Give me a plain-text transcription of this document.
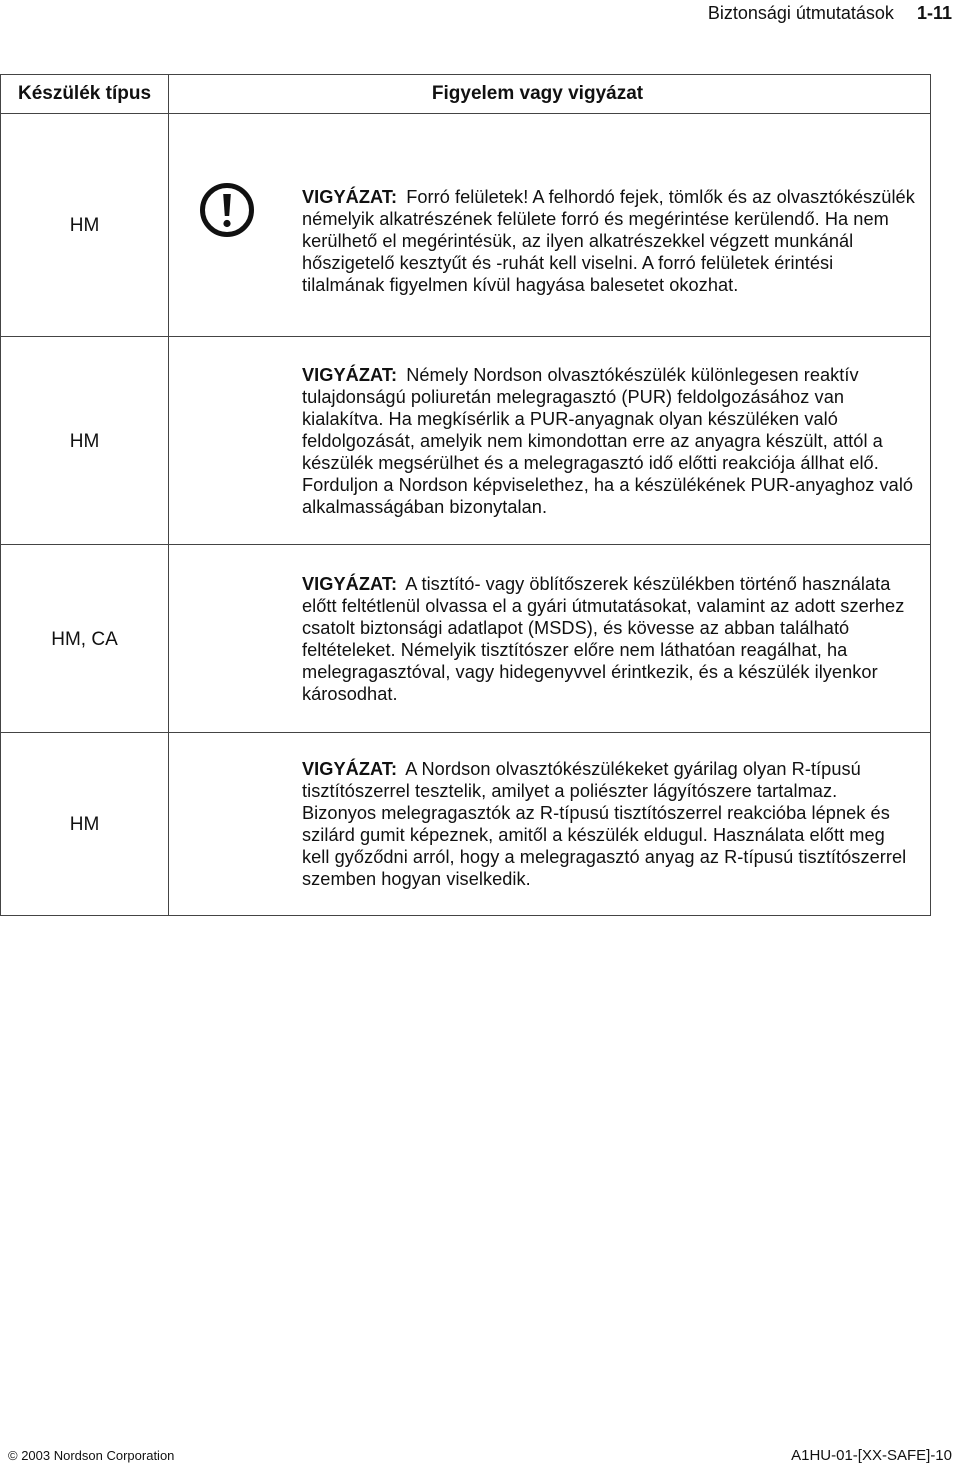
Biztonsági útmutatások 1-11
Készülék típus	Figyelem vagy vigyázat
HM	VIGYÁZAT: Forró felületek! A felhordó fejek, tömlők és az olvasztókészülék némelyik alkatrészének felülete forró és megérintése kerülendő. Ha nem kerülhető el megérintésük, az ilyen alkatrészekkel végzett munkánál hőszigetelő kesztyűt és -ruhát kell viselni. A forró felületek érintési tilalmának figyelmen kívül hagyása balesetet okozhat.

HM	VIGYÁZAT: Némely Nordson olvasztókészülék különlegesen reaktív tulajdonságú poliuretán melegragasztó (PUR) feldolgozásához van kialakítva. Ha megkísérlik a PUR-anyagnak olyan készüléken való feldolgozását, amelyik nem kimondottan erre az anyagra készült, attól a készülék megsérülhet és a melegragasztó idő előtti reakciója állhat elő. Forduljon a Nordson képviselethez, ha a készülékének PUR-anyaghoz való alkalmasságában bizonytalan.

HM, CA	VIGYÁZAT: A tisztító- vagy öblítőszerek készülékben történő használata előtt feltétlenül olvassa el a gyári útmutatásokat, valamint az adott szerhez csatolt biztonsági adatlapot (MSDS), és kövesse az abban található feltételeket. Némelyik tisztítószer előre nem láthatóan reagálhat, ha melegragasztóval, vagy hidegenyvvel érintkezik, és a készülék ilyenkor károsodhat.

HM	VIGYÁZAT: A Nordson olvasztókészülékeket gyárilag olyan R-típusú tisztítószerrel tesztelik, amilyet a poliészter lágyítószere tartalmaz. Bizonyos melegragasztók az R-típusú tisztítószerrel reakcióba lépnek és szilárd gumit képeznek, amitől a készülék eldugul. Használata előtt meg kell győződni arról, hogy a melegragasztó anyag az R-típusú tisztítószerrel szemben hogyan viselkedik.

© 2003 Nordson Corporation	A1HU-01-[XX-SAFE]-10
